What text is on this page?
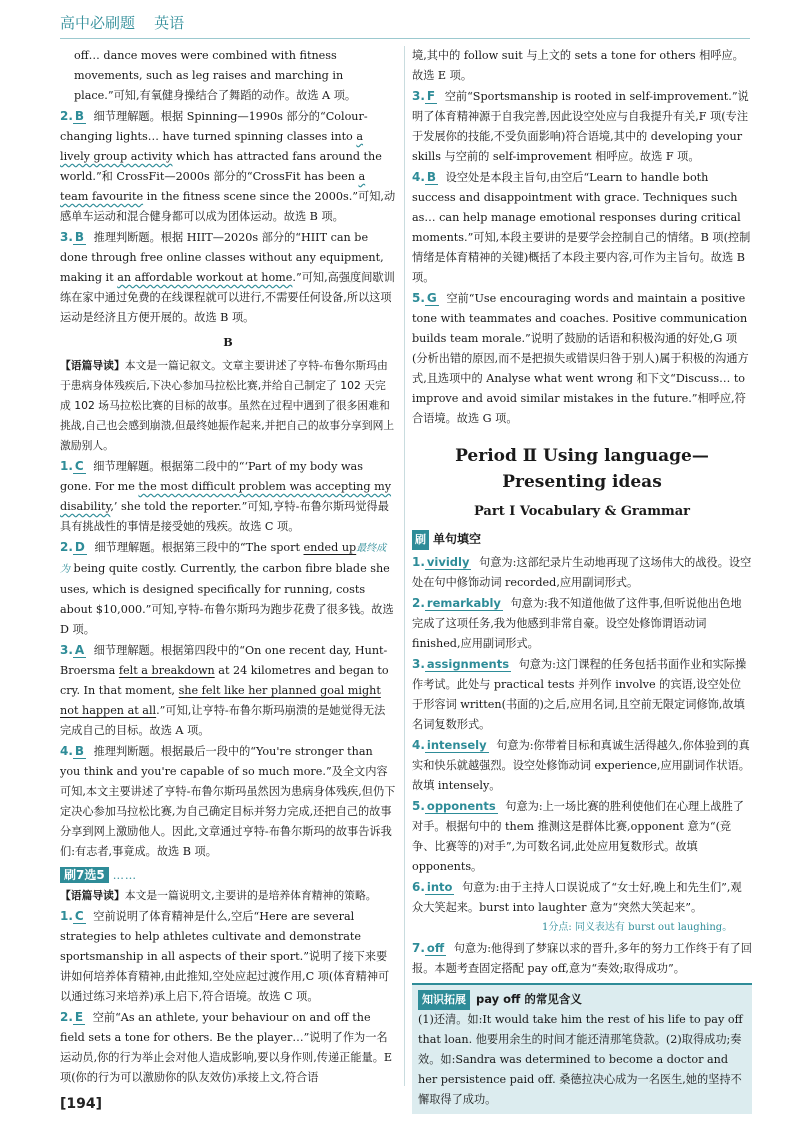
高中必刷题 英语

off… dance moves were combined with fitness movements, such as leg raises and marching in place.”可知,有氧健身操结合了舞蹈的动作。故选 A 项。

2. B 细节理解题。根据 Spinning—1990s 部分的“Colour-changing lights… have turned spinning classes into a lively group activity which has attracted fans around the world.”和 CrossFit—2000s 部分的“CrossFit has been a team favourite in the fitness scene since the 2000s.”可知,动感单车运动和混合健身都可以成为团体运动。故选 B 项。

3. B 推理判断题。根据 HIIT—2020s 部分的“HIIT can be done through free online classes without any equipment, making it an affordable workout at home.”可知,高强度间歇训练在家中通过免费的在线课程就可以进行,不需要任何设备,所以这项运动是经济且方便开展的。故选 B 项。

B

【语篇导读】本文是一篇记叙文。文章主要讲述了亨特-布鲁尔斯玛由于患病身体残疾后,下决心参加马拉松比赛,并给自己制定了 102 天完成 102 场马拉松比赛的目标的故事。虽然在过程中遇到了很多困难和挑战,自己也会感到崩溃,但最终她振作起来,并把自己的故事分享到网上激励别人。

1. C 细节理解题。根据第二段中的“‘Part of my body was gone. For me the most difficult problem was accepting my disability,’ she told the reporter.”可知,亨特-布鲁尔斯玛觉得最具有挑战性的事情是接受她的残疾。故选 C 项。

2. D 细节理解题。根据第三段中的“The sport ended up最终成为 being quite costly. Currently, the carbon fibre blade she uses, which is designed specifically for running, costs about $10,000.”可知,亨特-布鲁尔斯玛为跑步花费了很多钱。故选 D 项。

3. A 细节理解题。根据第四段中的“On one recent day, Hunt-Broersma felt a breakdown at 24 kilometres and began to cry. In that moment, she felt like her planned goal might not happen at all.”可知,让亨特-布鲁尔斯玛崩溃的是她觉得无法完成自己的目标。故选 A 项。

4. B 推理判断题。根据最后一段中的“You're stronger than you think and you're capable of so much more.”及全文内容可知,本文主要讲述了亨特-布鲁尔斯玛虽然因为患病身体残疾,但仍下定决心参加马拉松比赛,为自己确定目标并努力完成,还把自己的故事分享到网上激励他人。因此,文章通过亨特-布鲁尔斯玛的故事告诉我们:有志者,事竟成。故选 B 项。

刷7选5 ……

【语篇导读】本文是一篇说明文,主要讲的是培养体育精神的策略。

1. C 空前说明了体育精神是什么,空后“Here are several strategies to help athletes cultivate and demonstrate sportsmanship in all aspects of their sport.”说明了接下来要讲如何培养体育精神,由此推知,空处应起过渡作用,C 项(体育精神可以通过练习来培养)承上启下,符合语境。故选 C 项。

2. E 空前“As an athlete, your behaviour on and off the field sets a tone for others. Be the player…”说明了作为一名运动员,你的行为举止会对他人造成影响,要以身作则,传递正能量。E 项(你的行为可以激励你的队友效仿)承接上文,符合语

境,其中的 follow suit 与上文的 sets a tone for others 相呼应。故选 E 项。

3. F 空前“Sportsmanship is rooted in self-improvement.”说明了体育精神源于自我完善,因此设空处应与自我提升有关,F 项(专注于发展你的技能,不受负面影响)符合语境,其中的 developing your skills 与空前的 self-improvement 相呼应。故选 F 项。

4. B 设空处是本段主旨句,由空后“Learn to handle both success and disappointment with grace. Techniques such as… can help manage emotional responses during critical moments.”可知,本段主要讲的是要学会控制自己的情绪。B 项(控制情绪是体育精神的关键)概括了本段主要内容,可作为主旨句。故选 B 项。

5. G 空前“Use encouraging words and maintain a positive tone with teammates and coaches. Positive communication builds team morale.”说明了鼓励的话语和积极沟通的好处,G 项(分析出错的原因,而不是把损失或错误归咎于别人)属于积极的沟通方式,且选项中的 Analyse what went wrong 和下文“Discuss… to improve and avoid similar mistakes in the future.”相呼应,符合语境。故选 G 项。

Period Ⅱ Using language—
Presenting ideas

Part Ⅰ Vocabulary & Grammar

刷 单句填空

1. vividly 句意为:这部纪录片生动地再现了这场伟大的战役。设空处在句中修饰动词 recorded,应用副词形式。

2. remarkably 句意为:我不知道他做了这件事,但听说他出色地完成了这项任务,我为他感到非常自豪。设空处修饰谓语动词 finished,应用副词形式。

3. assignments 句意为:这门课程的任务包括书面作业和实际操作考试。此处与 practical tests 并列作 involve 的宾语,设空处位于形容词 written(书面的)之后,应用名词,且空前无限定词修饰,故填名词复数形式。

4. intensely 句意为:你带着目标和真诚生活得越久,你体验到的真实和快乐就越强烈。设空处修饰动词 experience,应用副词作状语。故填 intensely。

5. opponents 句意为:上一场比赛的胜利使他们在心理上战胜了对手。根据句中的 them 推测这是群体比赛,opponent 意为“(竞争、比赛等的)对手”,为可数名词,此处应用复数形式。故填 opponents。

6. into 句意为:由于主持人口误说成了“女士好,晚上和先生们”,观众大笑起来。burst into laughter 意为“突然大笑起来”。

1分点: 同义表达有 burst out laughing。

7. off 句意为:他得到了梦寐以求的晋升,多年的努力工作终于有了回报。本题考查固定搭配 pay off,意为“奏效;取得成功”。

知识拓展 pay off 的常见含义

(1)还清。如:It would take him the rest of his life to pay off that loan. 他要用余生的时间才能还清那笔贷款。(2)取得成功;奏效。如:Sandra was determined to become a doctor and her persistence paid off. 桑德拉决心成为一名医生,她的坚持不懈取得了成功。

[194]
